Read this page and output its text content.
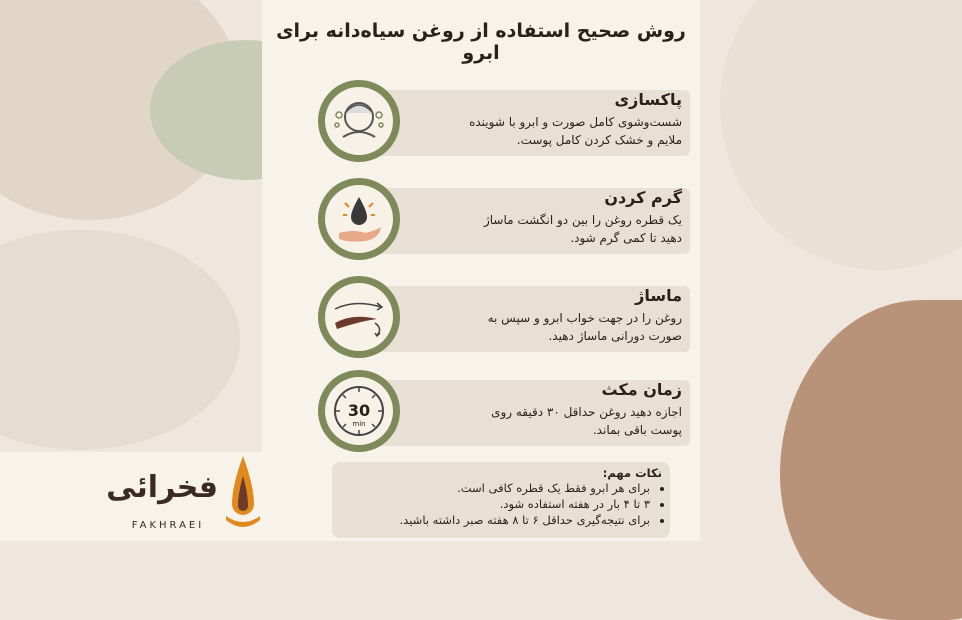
روش صحیح استفاده از روغن سیاه‌دانه برای ابرو
پاکسازی
شست‌وشوی کامل صورت و ابرو با شوینده
ملایم و خشک کردن کامل پوست.
گرم کردن
یک قطره روغن را بین دو انگشت ماساژ
دهید تا کمی گرم شود.
ماساژ
روغن را در جهت خواب ابرو و سپس به
صورت دورانی ماساژ دهید.
30
min
زمان مکث
اجازه دهید روغن حداقل ۳۰ دقیقه روی
پوست باقی بماند.
نکات مهم:
• برای هر ابرو فقط یک قطره کافی است.
• ۳ تا ۴ بار در هفته استفاده شود.
• برای نتیجه‌گیری حداقل ۶ تا ۸ هفته صبر داشته باشید.
فخرائی
FAKHRAEI
